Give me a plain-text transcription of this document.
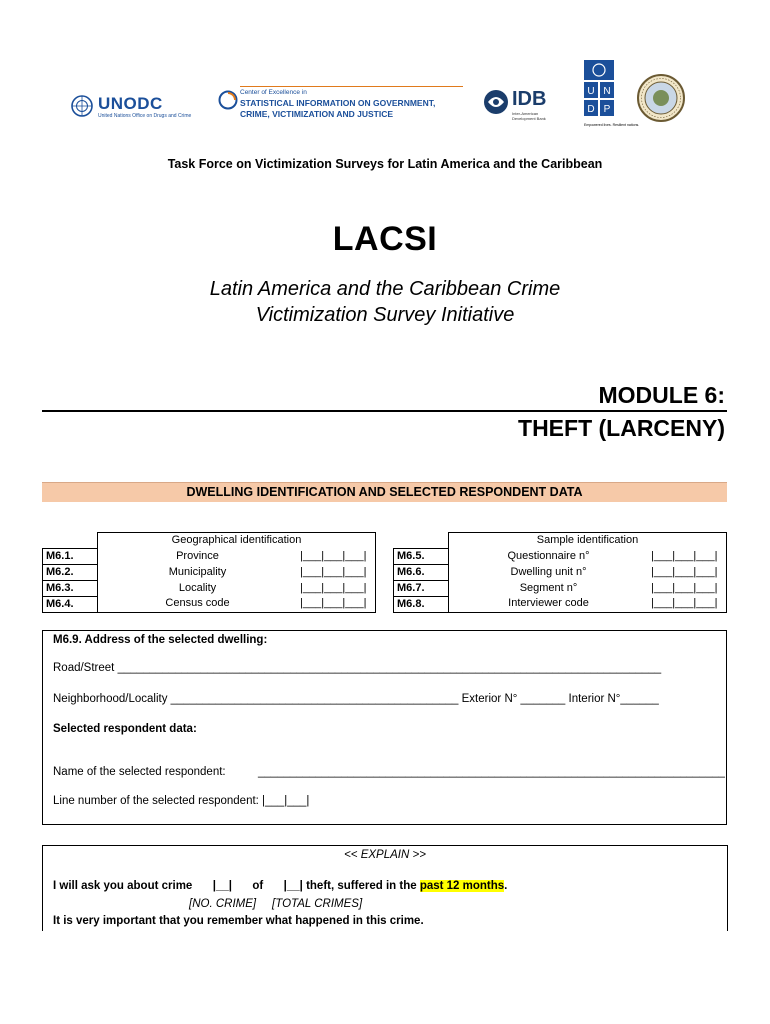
UNODC
United Nations Office on Drugs and Crime
Center of Excellence in
STATISTICAL INFORMATION ON GOVERNMENT,
CRIME, VICTIMIZATION AND JUSTICE
IDB
Inter-American Development Bank
U N
D P
Empowered lives. Resilient nations.
Task Force on Victimization Surveys for Latin America and the Caribbean
LACSI
Latin America and the Caribbean Crime
Victimization Survey Initiative
MODULE 6:
THEFT (LARCENY)
DWELLING IDENTIFICATION AND SELECTED RESPONDENT DATA
	Geographical identification	
M6.1.	Province	|___|___|___|
M6.2.	Municipality	|___|___|___|
M6.3.	Locality	|___|___|___|
M6.4.	Census code	|___|___|___|
	Sample identification	
M6.5.	Questionnaire n°	|___|___|___|
M6.6.	Dwelling unit n°	|___|___|___|
M6.7.	Segment n°	|___|___|___|
M6.8.	Interviewer code	|___|___|___|
M6.9. Address of the selected dwelling:
Road/Street _____________________________________________________________________________________
Neighborhood/Locality _____________________________________________ Exterior N° _______ Interior N°______
Selected respondent data:
Name of the selected respondent:	_________________________________________________________________________
Line number of the selected respondent: |___|___|
<< EXPLAIN >>
I will ask you about crime |__| of |__| theft, suffered in the past 12 months.
[NO. CRIME]     [TOTAL CRIMES]
It is very important that you remember what happened in this crime.
